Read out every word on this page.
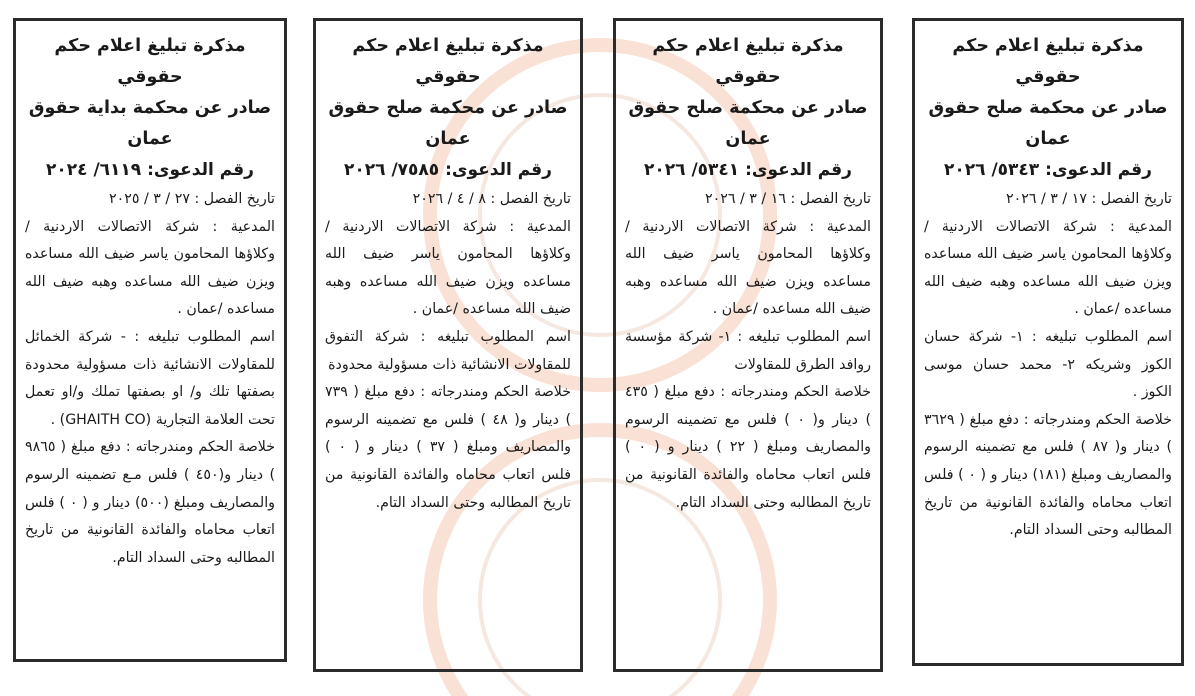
مذكرة تبليغ اعلام حكم حقوقي
صادر عن محكمة بداية حقوق
عمان
رقم الدعوى: ٦١١٩/ ٢٠٢٤

تاريخ الفصل : ٢٧ / ٣ / ٢٠٢٥

المدعية : شركة الاتصالات الاردنية / وكلاؤها المحامون ياسر ضيف الله مساعده ويزن ضيف الله مساعده وهبه ضيف الله مساعده /عمان .

اسم المطلوب تبليغه : - شركة الخمائل للمقاولات الانشائية ذات مسؤولية محدودة بصفتها تلك و/ او بصفتها تملك و/او تعمل تحت العلامة التجارية (GHAITH CO) .

خلاصة الحكم ومندرجاته : دفع مبلغ ( ٩٨٦٥ ) دينار و(٤٥٠ ) فلس مـع تضمينه الرسوم والمصاريف ومبلغ (٥٠٠) دينار و ( ٠ ) فلس اتعاب محاماه والفائدة القانونية من تاريخ المطالبه وحتى السداد التام.

مذكرة تبليغ اعلام حكم حقوقي
صادر عن محكمة صلح حقوق
عمان
رقم الدعوى: ٧٥٨٥/ ٢٠٢٦

تاريخ الفصل : ٨ / ٤ / ٢٠٢٦

المدعية : شركة الاتصالات الاردنية / وكلاؤها المحامون ياسر ضيف الله مساعده ويزن ضيف الله مساعده وهبه ضيف الله مساعده /عمان .

اسم المطلوب تبليغه : شركة التفوق للمقاولات الانشائية ذات مسؤولية محدودة

خلاصة الحكم ومندرجاته : دفع مبلغ ( ٧٣٩ ) دينار و( ٤٨ ) فلس مع تضمينه الرسوم والمصاريف ومبلغ ( ٣٧ ) دينار و ( ٠ ) فلس اتعاب محاماه والفائدة القانونية من تاريخ المطالبه وحتى السداد التام.

مذكرة تبليغ اعلام حكم حقوقي
صادر عن محكمة صلح حقوق
عمان
رقم الدعوى: ٥٣٤١/ ٢٠٢٦

تاريخ الفصل : ١٦ / ٣ / ٢٠٢٦

المدعية : شركة الاتصالات الاردنية / وكلاؤها المحامون ياسر ضيف الله مساعده ويزن ضيف الله مساعده وهبه ضيف الله مساعده /عمان .

اسم المطلوب تبليغه : ١- شركة مؤسسة روافد الطرق للمقاولات

خلاصة الحكم ومندرجاته : دفع مبلغ ( ٤٣٥ ) دينار و( ٠ ) فلس مع تضمينه الرسوم والمصاريف ومبلغ ( ٢٢ ) دينار و ( ٠ ) فلس اتعاب محاماه والفائدة القانونية من تاريخ المطالبه وحتى السداد التام.

مذكرة تبليغ اعلام حكم حقوقي
صادر عن محكمة صلح حقوق
عمان
رقم الدعوى: ٥٣٤٣/ ٢٠٢٦

تاريخ الفصل : ١٧ / ٣ / ٢٠٢٦

المدعية : شركة الاتصالات الاردنية / وكلاؤها المحامون ياسر ضيف الله مساعده ويزن ضيف الله مساعده وهبه ضيف الله مساعده /عمان .

اسم المطلوب تبليغه : ١- شركة حسان الكوز وشريكه ٢- محمد حسان موسى الكوز .

خلاصة الحكم ومندرجاته : دفع مبلغ ( ٣٦٢٩ ) دينار و( ٨٧ ) فلس مع تضمينه الرسوم والمصاريف ومبلغ (١٨١) دينار و ( ٠ ) فلس اتعاب محاماه والفائدة القانونية من تاريخ المطالبه وحتى السداد التام.
